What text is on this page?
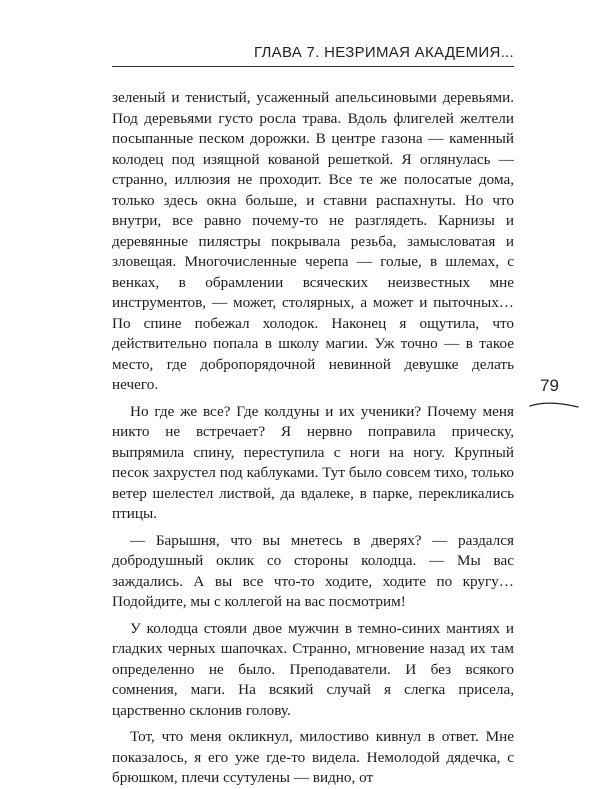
ГЛАВА 7. НЕЗРИМАЯ АКАДЕМИЯ...

зеленый и тенистый, усаженный апельсиновыми деревьями. Под деревьями густо росла трава. Вдоль флигелей желтели посыпанные песком дорожки. В центре газона — каменный колодец под изящной кованой решеткой. Я оглянулась — странно, иллюзия не проходит. Все те же полосатые дома, только здесь окна больше, и ставни распахнуты. Но что внутри, все равно почему-то не разглядеть. Карнизы и деревянные пилястры покрывала резьба, замысловатая и зловещая. Многочисленные черепа — голые, в шлемах, с венках, в обрамлении всяческих неизвестных мне инструментов, — может, столярных, а может и пыточных… По спине побежал холодок. Наконец я ощутила, что действительно попала в школу магии. Уж точно — в такое место, где добропорядочной невинной девушке делать нечего.

Но где же все? Где колдуны и их ученики? Почему меня никто не встречает? Я нервно поправила прическу, выпрямила спину, переступила с ноги на ногу. Крупный песок захрустел под каблуками. Тут было совсем тихо, только ветер шелестел листвой, да вдалеке, в парке, перекликались птицы.

— Барышня, что вы мнетесь в дверях? — раздался добродушный оклик со стороны колодца. — Мы вас заждались. А вы все что-то ходите, ходите по кругу… Подойдите, мы с коллегой на вас посмотрим!

У колодца стояли двое мужчин в темно-синих мантиях и гладких черных шапочках. Странно, мгновение назад их там определенно не было. Преподаватели. И без всякого сомнения, маги. На всякий случай я слегка присела, царственно склонив голову.

Тот, что меня окликнул, милостиво кивнул в ответ. Мне показалось, я его уже где-то видела. Немолодой дядечка, с брюшком, плечи ссутулены — видно, от

79
